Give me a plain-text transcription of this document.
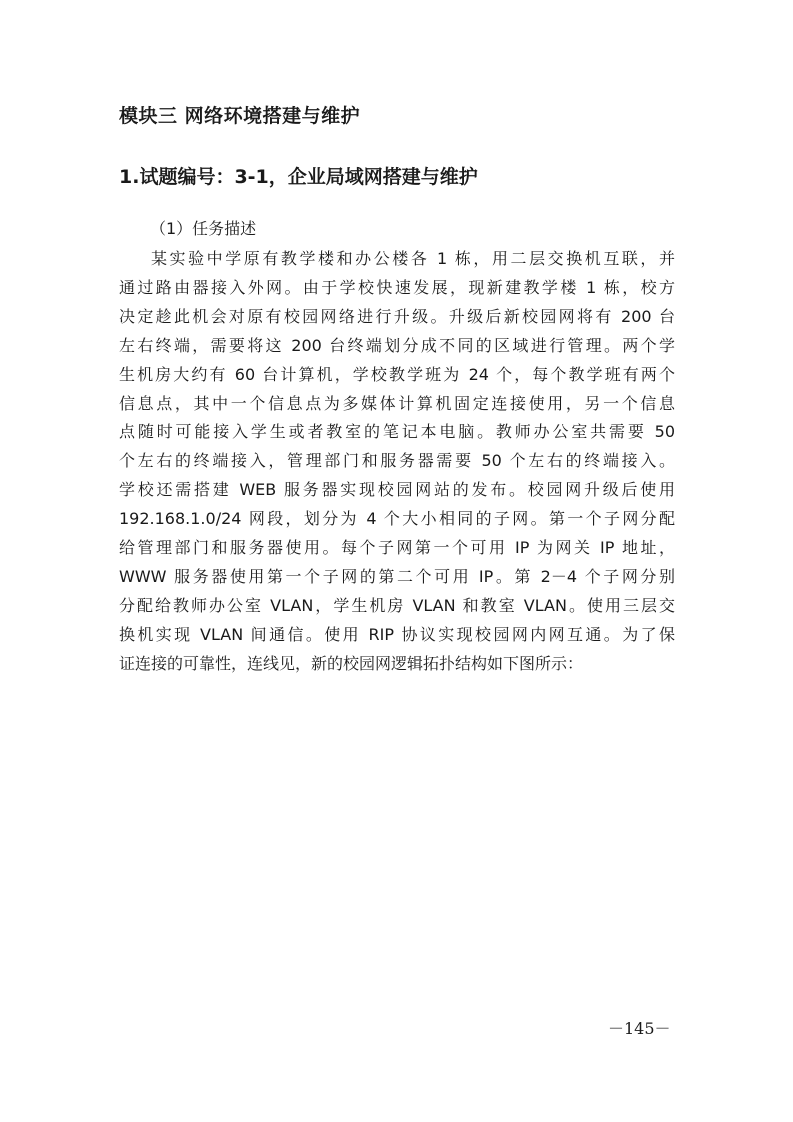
模块三 网络环境搭建与维护
1.试题编号：3-1，企业局域网搭建与维护

（1）任务描述

某实验中学原有教学楼和办公楼各 1 栋，用二层交换机互联，并
通过路由器接入外网。由于学校快速发展，现新建教学楼 1 栋，校方
决定趁此机会对原有校园网络进行升级。升级后新校园网将有 200 台
左右终端，需要将这 200 台终端划分成不同的区域进行管理。两个学
生机房大约有 60 台计算机，学校教学班为 24 个，每个教学班有两个
信息点，其中一个信息点为多媒体计算机固定连接使用，另一个信息
点随时可能接入学生或者教室的笔记本电脑。教师办公室共需要 50
个左右的终端接入，管理部门和服务器需要 50 个左右的终端接入。
学校还需搭建 WEB 服务器实现校园网站的发布。校园网升级后使用
192.168.1.0/24 网段，划分为 4 个大小相同的子网。第一个子网分配
给管理部门和服务器使用。每个子网第一个可用 IP 为网关 IP 地址，
WWW 服务器使用第一个子网的第二个可用 IP。第 2－4 个子网分别
分配给教师办公室 VLAN，学生机房 VLAN 和教室 VLAN。使用三层交
换机实现 VLAN 间通信。使用 RIP 协议实现校园网内网互通。为了保
证连接的可靠性，连线见，新的校园网逻辑拓扑结构如下图所示：

－145－
